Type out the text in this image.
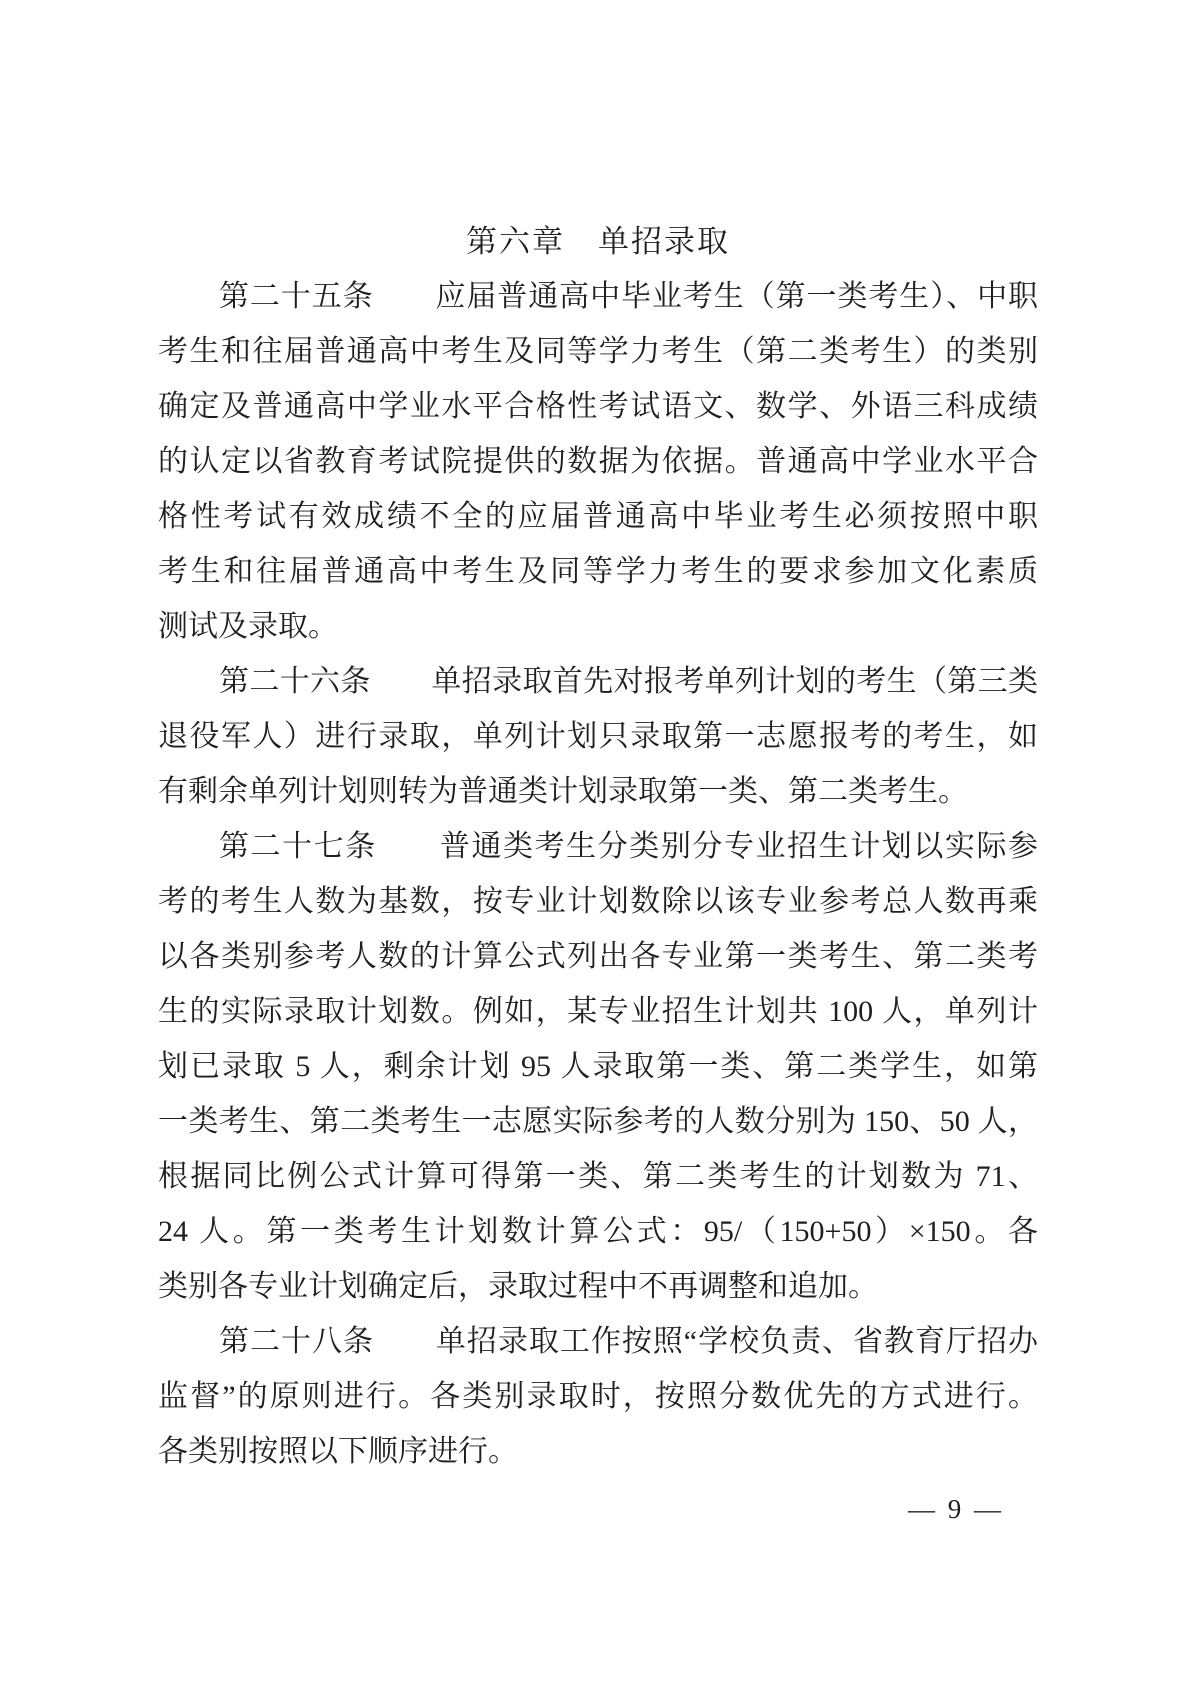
第六章　单招录取
第二十五条　　应届普通高中毕业考生（第一类考生）、中职
考生和往届普通高中考生及同等学力考生（第二类考生）的类别
确定及普通高中学业水平合格性考试语文、数学、外语三科成绩
的认定以省教育考试院提供的数据为依据。普通高中学业水平合
格性考试有效成绩不全的应届普通高中毕业考生必须按照中职
考生和往届普通高中考生及同等学力考生的要求参加文化素质
测试及录取。
第二十六条　　单招录取首先对报考单列计划的考生（第三类
退役军人）进行录取，单列计划只录取第一志愿报考的考生，如
有剩余单列计划则转为普通类计划录取第一类、第二类考生。
第二十七条　　普通类考生分类别分专业招生计划以实际参
考的考生人数为基数，按专业计划数除以该专业参考总人数再乘
以各类别参考人数的计算公式列出各专业第一类考生、第二类考
生的实际录取计划数。例如，某专业招生计划共 100 人，单列计
划已录取 5 人，剩余计划 95 人录取第一类、第二类学生，如第
一类考生、第二类考生一志愿实际参考的人数分别为 150、50 人，
根据同比例公式计算可得第一类、第二类考生的计划数为 71、
24 人。第一类考生计划数计算公式：95/（150+50）×150。各
类别各专业计划确定后，录取过程中不再调整和追加。
第二十八条　　单招录取工作按照“学校负责、省教育厅招办
监督”的原则进行。各类别录取时，按照分数优先的方式进行。
各类别按照以下顺序进行。
— 9 —
